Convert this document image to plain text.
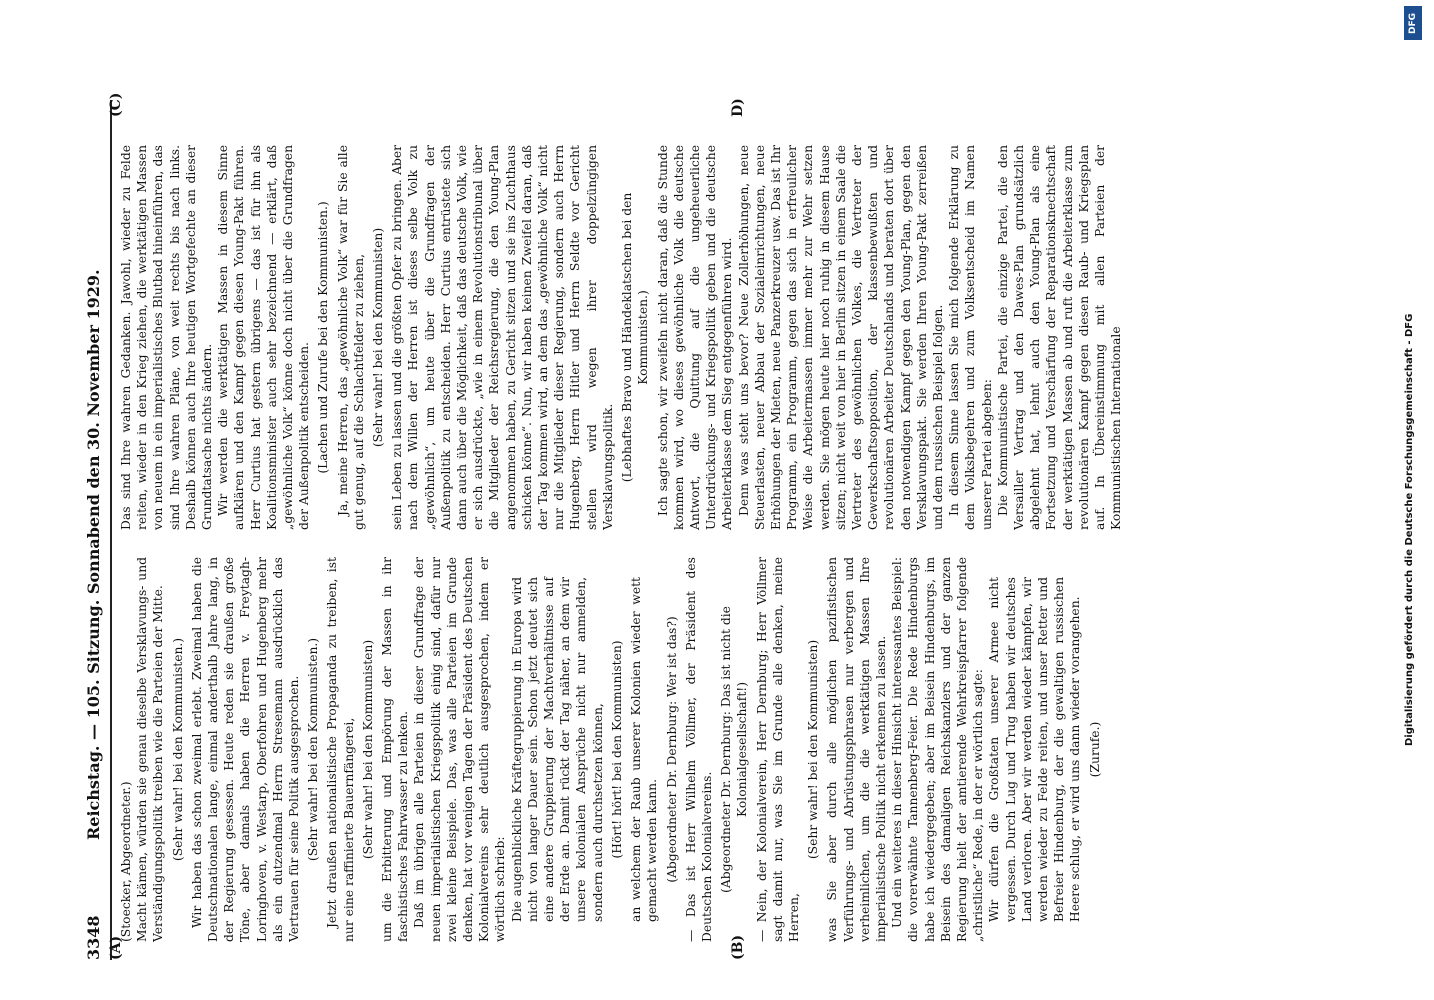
3348
Reichstag. — 105. Sitzung. Sonnabend den 30. November 1929.
(A)	(B)
(C)	D)

(Stoecker, Abgeordneter.) Macht kämen, würden sie genau dieselbe Versklavungs- und Verständigungspolitik treiben wie die Parteien der Mitte. (Sehr wahr! bei den Kommunisten.) Wir haben das schon zweimal erlebt. Zweimal haben die Deutschnationalen lange, einmal anderthalb Jahre lang, in der Regierung gesessen. Heute reden sie draußen große Töne, aber damals haben die Herren v. Freytagh-Loringhoven, v. Westarp, Oberfohren und Hugenberg mehr als ein dutzendmal Herrn Stresemann ausdrücklich das Vertrauen für seine Politik ausgesprochen. (Sehr wahr! bei den Kommunisten.) Jetzt draußen nationalistische Propaganda zu treiben, ist nur eine raffinierte Bauernfängerei, (Sehr wahr! bei den Kommunisten) um die Erbitterung und Empörung der Massen in ihr faschistisches Fahrwasser zu lenken. Daß im übrigen alle Parteien in dieser Grundfrage der neuen imperialistischen Kriegspolitik einig sind, dafür nur zwei kleine Beispiele. Das, was alle Parteien im Grunde denken, hat vor wenigen Tagen der Präsident des Deutschen Kolonialvereins sehr deutlich ausgesprochen, indem er wörtlich schrieb: Die augenblickliche Kräftegruppierung in Europa wird nicht von langer Dauer sein. Schon jetzt deutet sich eine andere Gruppierung der Machtverhältnisse auf der Erde an. Damit rückt der Tag näher, an dem wir unsere kolonialen Ansprüche nicht nur anmelden, sondern auch durchsetzen können, (Hört! hört! bei den Kommunisten) an welchem der Raub unserer Kolonien wieder wett gemacht werden kann. (Abgeordneter Dr. Dernburg: Wer ist das?) — Das ist Herr Wilhelm Völlmer, der Präsident des Deutschen Kolonialvereins. (Abgeordneter Dr. Dernburg: Das ist nicht die Kolonialgesellschaft!) — Nein, der Kolonialverein, Herr Dernburg; Herr Völlmer sagt damit nur, was Sie im Grunde alle denken, meine Herren,

(Sehr wahr! bei den Kommunisten) was Sie aber durch alle möglichen pazifistischen Verführungs- und Abrüstungsphrasen nur verbergen und verheimlichen, um die die werktätigen Massen Ihre imperialistische Politik nicht erkennen zu lassen. Und ein weiteres in dieser Hinsicht interessantes Beispiel: die vorerwähnte Tannenberg-Feier. Die Rede Hindenburgs habe ich wiedergegeben; aber im Beisein Hindenburgs, im Beisein des damaligen Reichskanzlers und der ganzen Regierung hielt der amtierende Wehrkreispfarrer folgende „christliche“ Rede, in der er wörtlich sagte: Wir dürfen die Großtaten unserer Armee nicht vergessen. Durch Lug und Trug haben wir deutsches Land verloren. Aber wir werden wieder kämpfen, wir werden wieder zu Felde reiten, und unser Retter und Befreier Hindenburg, der die gewaltigen russischen Heere schlug, er wird uns dann wieder vorangehen. (Zurufe.)

Das sind Ihre wahren Gedanken. Jawohl, wieder zu Felde reiten, wieder in den Krieg ziehen, die werktätigen Massen von neuem in ein imperialistisches Blutbad hineinführen, das sind Ihre wahren Pläne, von weit rechts bis nach links. Deshalb können auch Ihre heutigen Wortgefechte an dieser Grundtatsache nichts ändern. Wir werden die werktätigen Massen in diesem Sinne aufklären und den Kampf gegen diesen Young-Pakt führen. Herr Curtius hat gestern übrigens — das ist für ihn als Koalitionsminister auch sehr bezeichnend — erklärt, daß „gewöhnliche Volk“ könne doch nicht über die Grundfragen der Außenpolitik entscheiden. (Lachen und Zurufe bei den Kommunisten.) Ja, meine Herren, das „gewöhnliche Volk“ war für Sie alle gut genug, auf die Schlachtfelder zu ziehen, (Sehr wahr! bei den Kommunisten) sein Leben zu lassen und die größten Opfer zu bringen. Aber nach dem Willen der Herren ist dieses selbe Volk zu „gewöhnlich“, um heute über die Grundfragen der Außenpolitik zu entscheiden. Herr Curtius entrüstete sich dann auch über die Möglichkeit, daß das deutsche Volk, wie er sich ausdrückte, „wie in einem Revolutionstribunal über die Mitglieder der Reichsregierung, die den Young-Plan angenommen haben, zu Gericht sitzen und sie ins Zuchthaus schicken könne“. Nun, wir haben keinen Zweifel daran, daß der Tag kommen wird, an dem das „gewöhnliche Volk“ nicht nur die Mitglieder dieser Regierung, sondern auch Herrn Hugenberg, Herrn Hitler und Herrn Seldte vor Gericht stellen wird wegen ihrer doppelzüngigen Versklavungspolitik. (Lebhaftes Bravo und Händeklatschen bei den Kommunisten.) Ich sagte schon, wir zweifeln nicht daran, daß die Stunde kommen wird, wo dieses gewöhnliche Volk die deutsche Antwort, die Quittung auf die ungeheuerliche Unterdrückungs- und Kriegspolitik geben und die deutsche Arbeiterklasse dem Sieg entgegenführen wird. Denn was steht uns bevor? Neue Zollerhöhungen, neue Steuerlasten, neuer Abbau der Sozialeinrichtungen, neue Erhöhungen der Mieten, neue Panzerkreuzer usw. Das ist Ihr Programm, ein Programm, gegen das sich in erfreulicher Weise die Arbeitermassen immer mehr zur Wehr setzen werden. Sie mögen heute hier noch ruhig in diesem Hause sitzen; nicht weit von hier in Berlin sitzen in einem Saale die Vertreter des gewöhnlichen Volkes, die Vertreter der Gewerkschaftsopposition, der klassenbewußten und revolutionären Arbeiter Deutschlands und beraten dort über den notwendigen Kampf gegen den Young-Plan, gegen den Versklavungspakt. Sie werden Ihren Young-Pakt zerreißen und dem russischen Beispiel folgen. In diesem Sinne lassen Sie mich folgende Erklärung zu dem Volksbegehren und zum Volksentscheid im Namen unserer Partei abgeben: Die Kommunistische Partei, die einzige Partei, die den Versailler Vertrag und den Dawes-Plan grundsätzlich abgelehnt hat, lehnt auch den Young-Plan als eine Fortsetzung und Verschärfung der Reparationsknechtschaft der werktätigen Massen ab und ruft die Arbeiterklasse zum revolutionären Kampf gegen diesen Raub- und Kriegsplan auf. In Übereinstimmung mit allen Parteien der Kommunistischen Internationale

DFG
Digitalisierung gefördert durch die Deutsche Forschungsgemeinschaft - DFG
